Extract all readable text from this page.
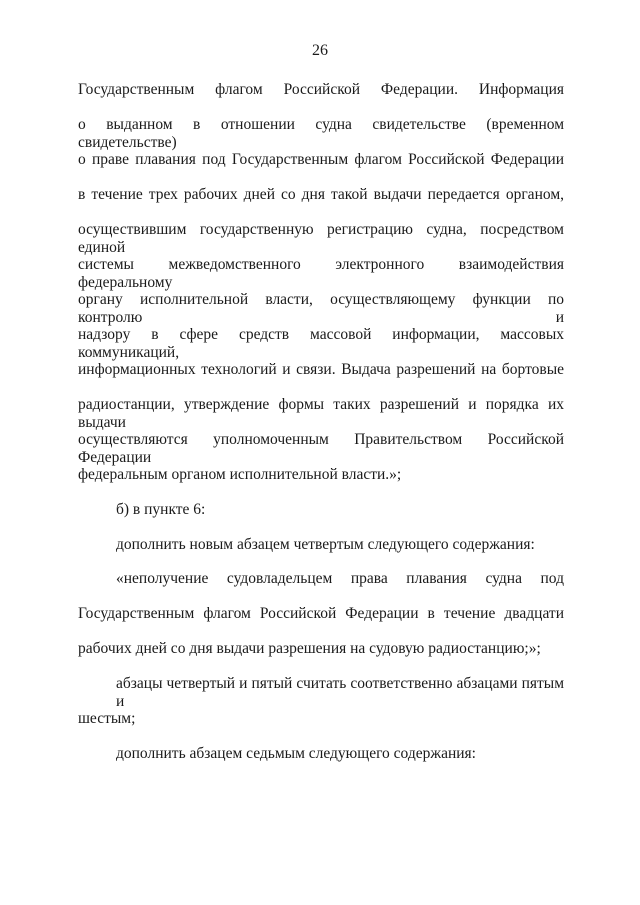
26
Государственным флагом Российской Федерации. Информация
о выданном в отношении судна свидетельстве (временном свидетельстве)
о праве плавания под Государственным флагом Российской Федерации
в течение трех рабочих дней со дня такой выдачи передается органом,
осуществившим государственную регистрацию судна, посредством единой
системы межведомственного электронного взаимодействия федеральному
органу исполнительной власти, осуществляющему функции по контролю и
надзору в сфере средств массовой информации, массовых коммуникаций,
информационных технологий и связи. Выдача разрешений на бортовые
радиостанции, утверждение формы таких разрешений и порядка их выдачи
осуществляются уполномоченным Правительством Российской Федерации
федеральным органом исполнительной власти.»;
б) в пункте 6:
дополнить новым абзацем четвертым следующего содержания:
«неполучение судовладельцем права плавания судна под
Государственным флагом Российской Федерации в течение двадцати
рабочих дней со дня выдачи разрешения на судовую радиостанцию;»;
абзацы четвертый и пятый считать соответственно абзацами пятым и
шестым;
дополнить абзацем седьмым следующего содержания:
